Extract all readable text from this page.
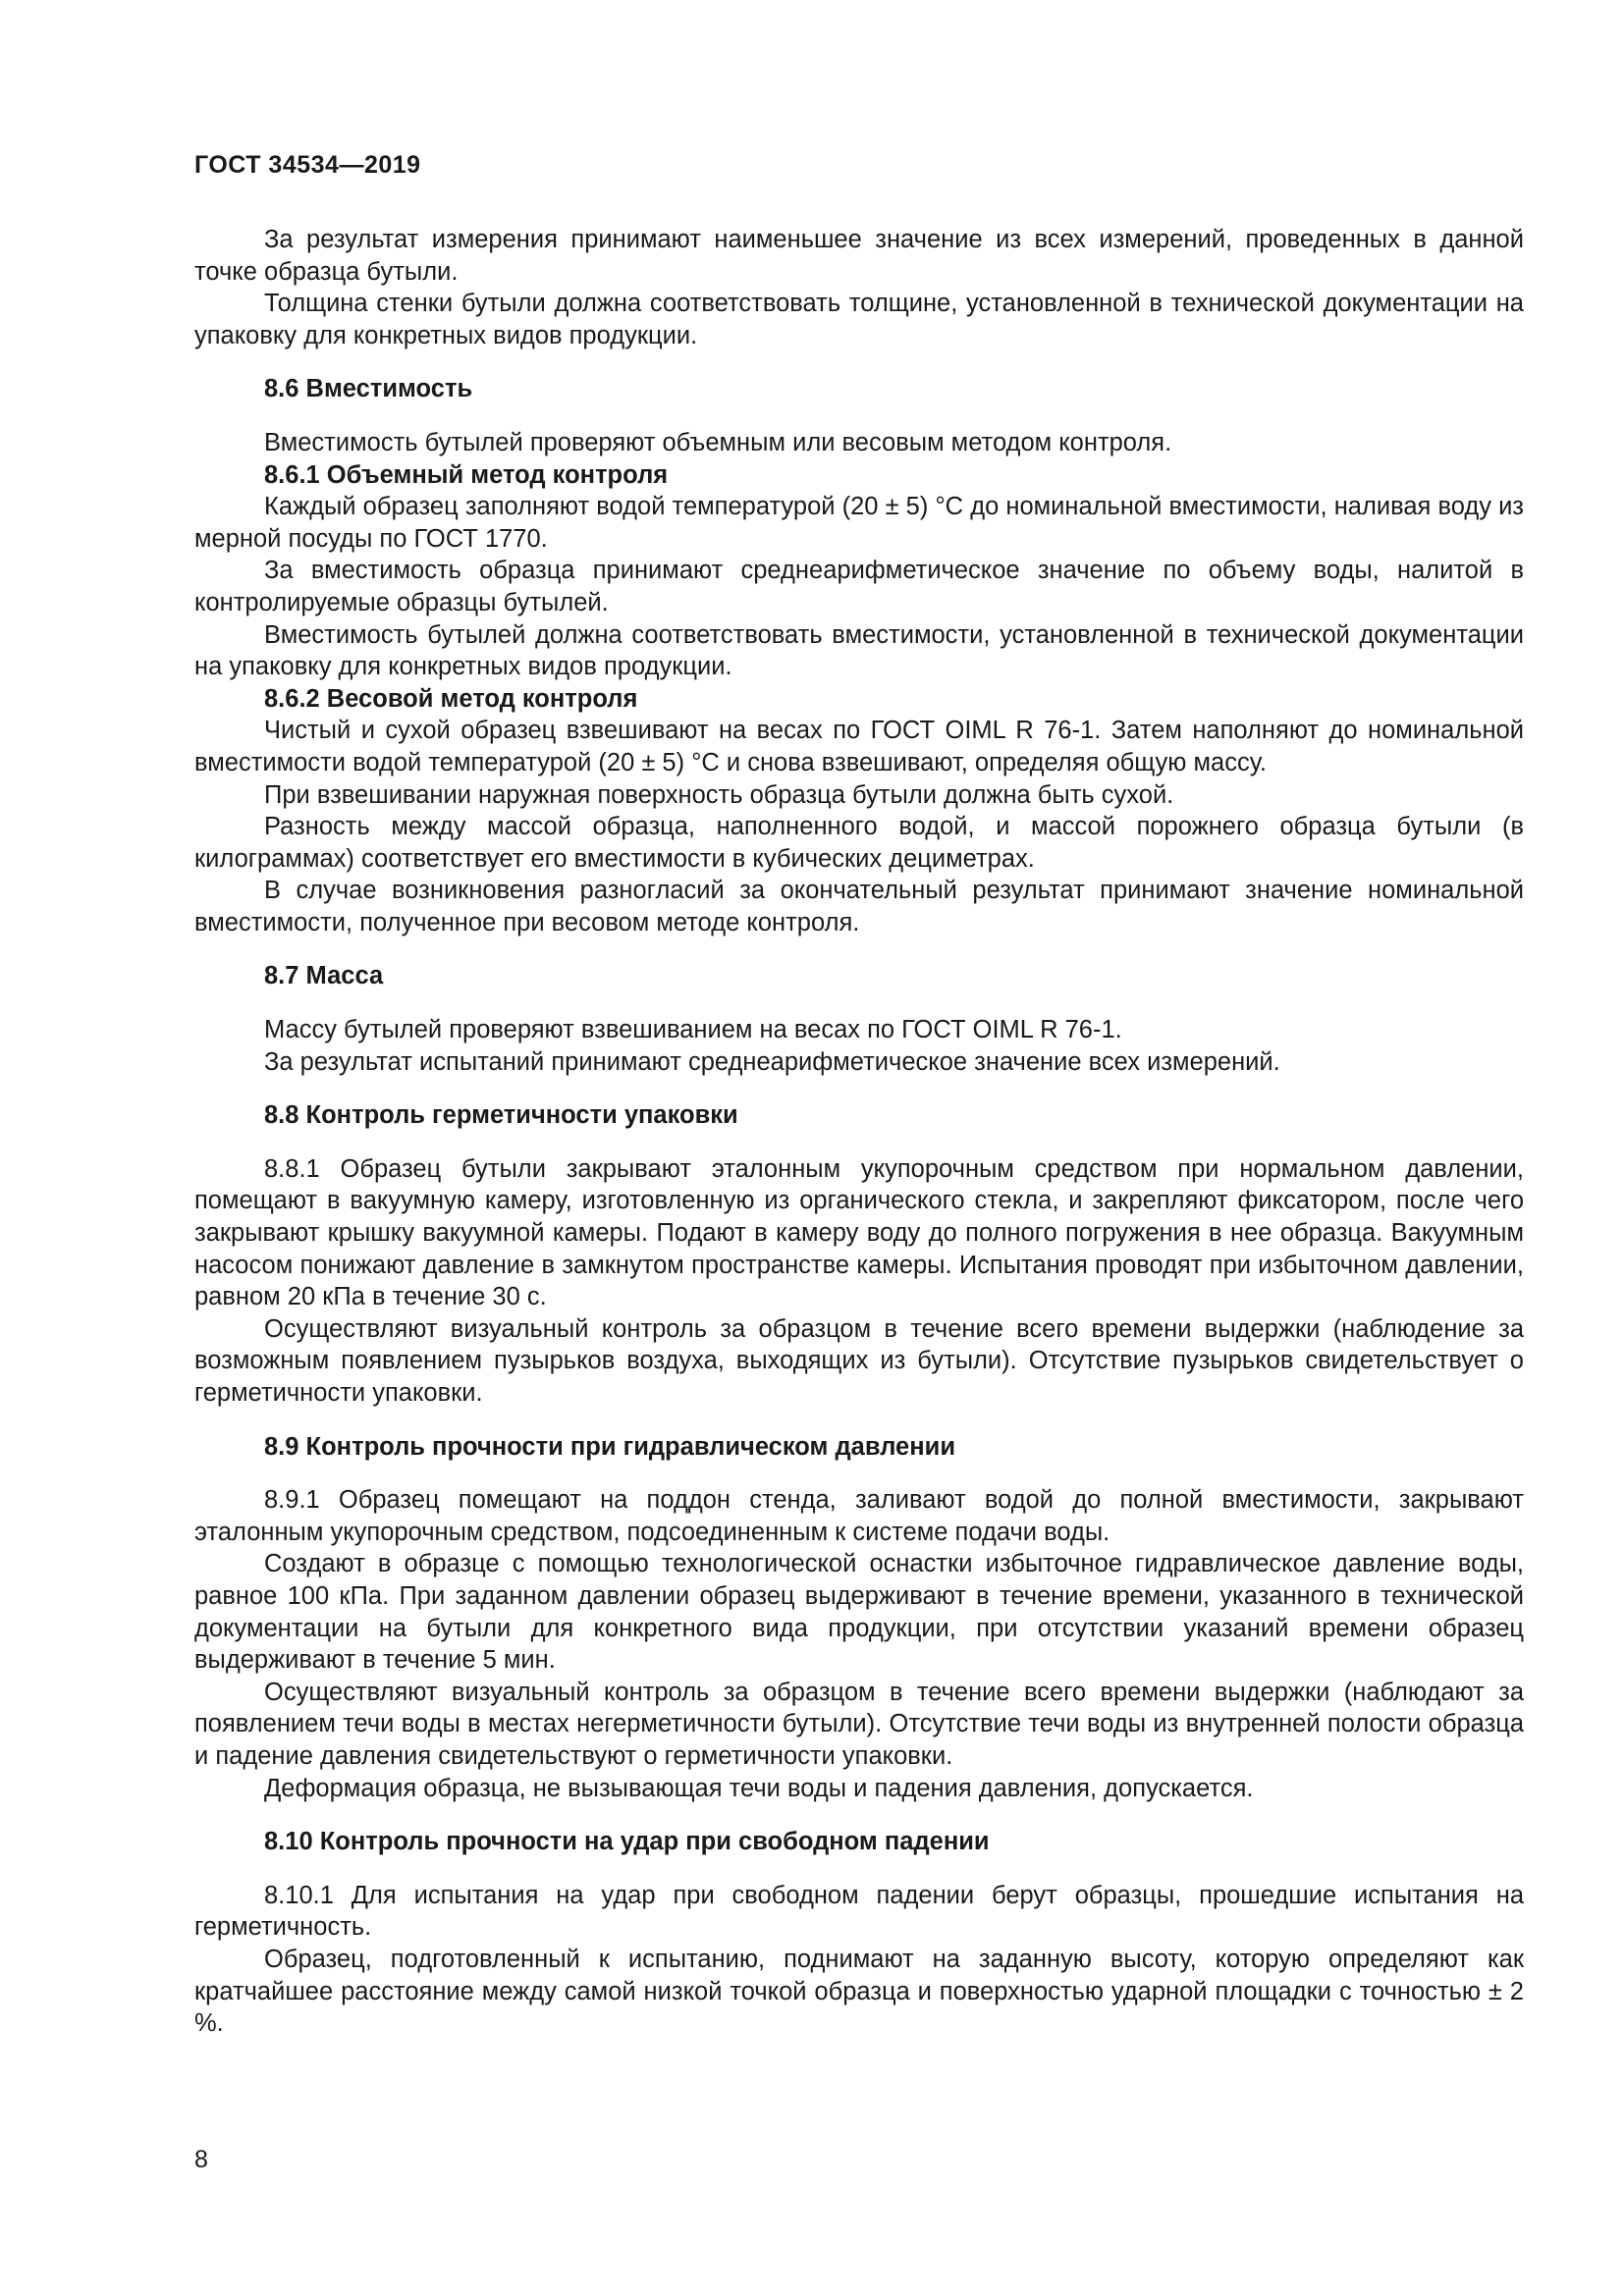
ГОСТ 34534—2019

За результат измерения принимают наименьшее значение из всех измерений, проведенных в данной точке образца бутыли.

Толщина стенки бутыли должна соответствовать толщине, установленной в технической документации на упаковку для конкретных видов продукции.

8.6 Вместимость

Вместимость бутылей проверяют объемным или весовым методом контроля.

8.6.1 Объемный метод контроля

Каждый образец заполняют водой температурой (20 ± 5) °С до номинальной вместимости, наливая воду из мерной посуды по ГОСТ 1770.

За вместимость образца принимают среднеарифметическое значение по объему воды, налитой в контролируемые образцы бутылей.

Вместимость бутылей должна соответствовать вместимости, установленной в технической документации на упаковку для конкретных видов продукции.

8.6.2 Весовой метод контроля

Чистый и сухой образец взвешивают на весах по ГОСТ OIML R 76-1. Затем наполняют до номинальной вместимости водой температурой (20 ± 5) °С и снова взвешивают, определяя общую массу.

При взвешивании наружная поверхность образца бутыли должна быть сухой.

Разность между массой образца, наполненного водой, и массой порожнего образца бутыли (в килограммах) соответствует его вместимости в кубических дециметрах.

В случае возникновения разногласий за окончательный результат принимают значение номинальной вместимости, полученное при весовом методе контроля.

8.7 Масса

Массу бутылей проверяют взвешиванием на весах по ГОСТ OIML R 76-1.

За результат испытаний принимают среднеарифметическое значение всех измерений.

8.8 Контроль герметичности упаковки

8.8.1 Образец бутыли закрывают эталонным укупорочным средством при нормальном давлении, помещают в вакуумную камеру, изготовленную из органического стекла, и закрепляют фиксатором, после чего закрывают крышку вакуумной камеры. Подают в камеру воду до полного погружения в нее образца. Вакуумным насосом понижают давление в замкнутом пространстве камеры. Испытания проводят при избыточном давлении, равном 20 кПа в течение 30 с.

Осуществляют визуальный контроль за образцом в течение всего времени выдержки (наблюдение за возможным появлением пузырьков воздуха, выходящих из бутыли). Отсутствие пузырьков свидетельствует о герметичности упаковки.

8.9 Контроль прочности при гидравлическом давлении

8.9.1 Образец помещают на поддон стенда, заливают водой до полной вместимости, закрывают эталонным укупорочным средством, подсоединенным к системе подачи воды.

Создают в образце с помощью технологической оснастки избыточное гидравлическое давление воды, равное 100 кПа. При заданном давлении образец выдерживают в течение времени, указанного в технической документации на бутыли для конкретного вида продукции, при отсутствии указаний времени образец выдерживают в течение 5 мин.

Осуществляют визуальный контроль за образцом в течение всего времени выдержки (наблюдают за появлением течи воды в местах негерметичности бутыли). Отсутствие течи воды из внутренней полости образца и падение давления свидетельствуют о герметичности упаковки.

Деформация образца, не вызывающая течи воды и падения давления, допускается.

8.10 Контроль прочности на удар при свободном падении

8.10.1 Для испытания на удар при свободном падении берут образцы, прошедшие испытания на герметичность.

Образец, подготовленный к испытанию, поднимают на заданную высоту, которую определяют как кратчайшее расстояние между самой низкой точкой образца и поверхностью ударной площадки с точностью ± 2 %.

8
